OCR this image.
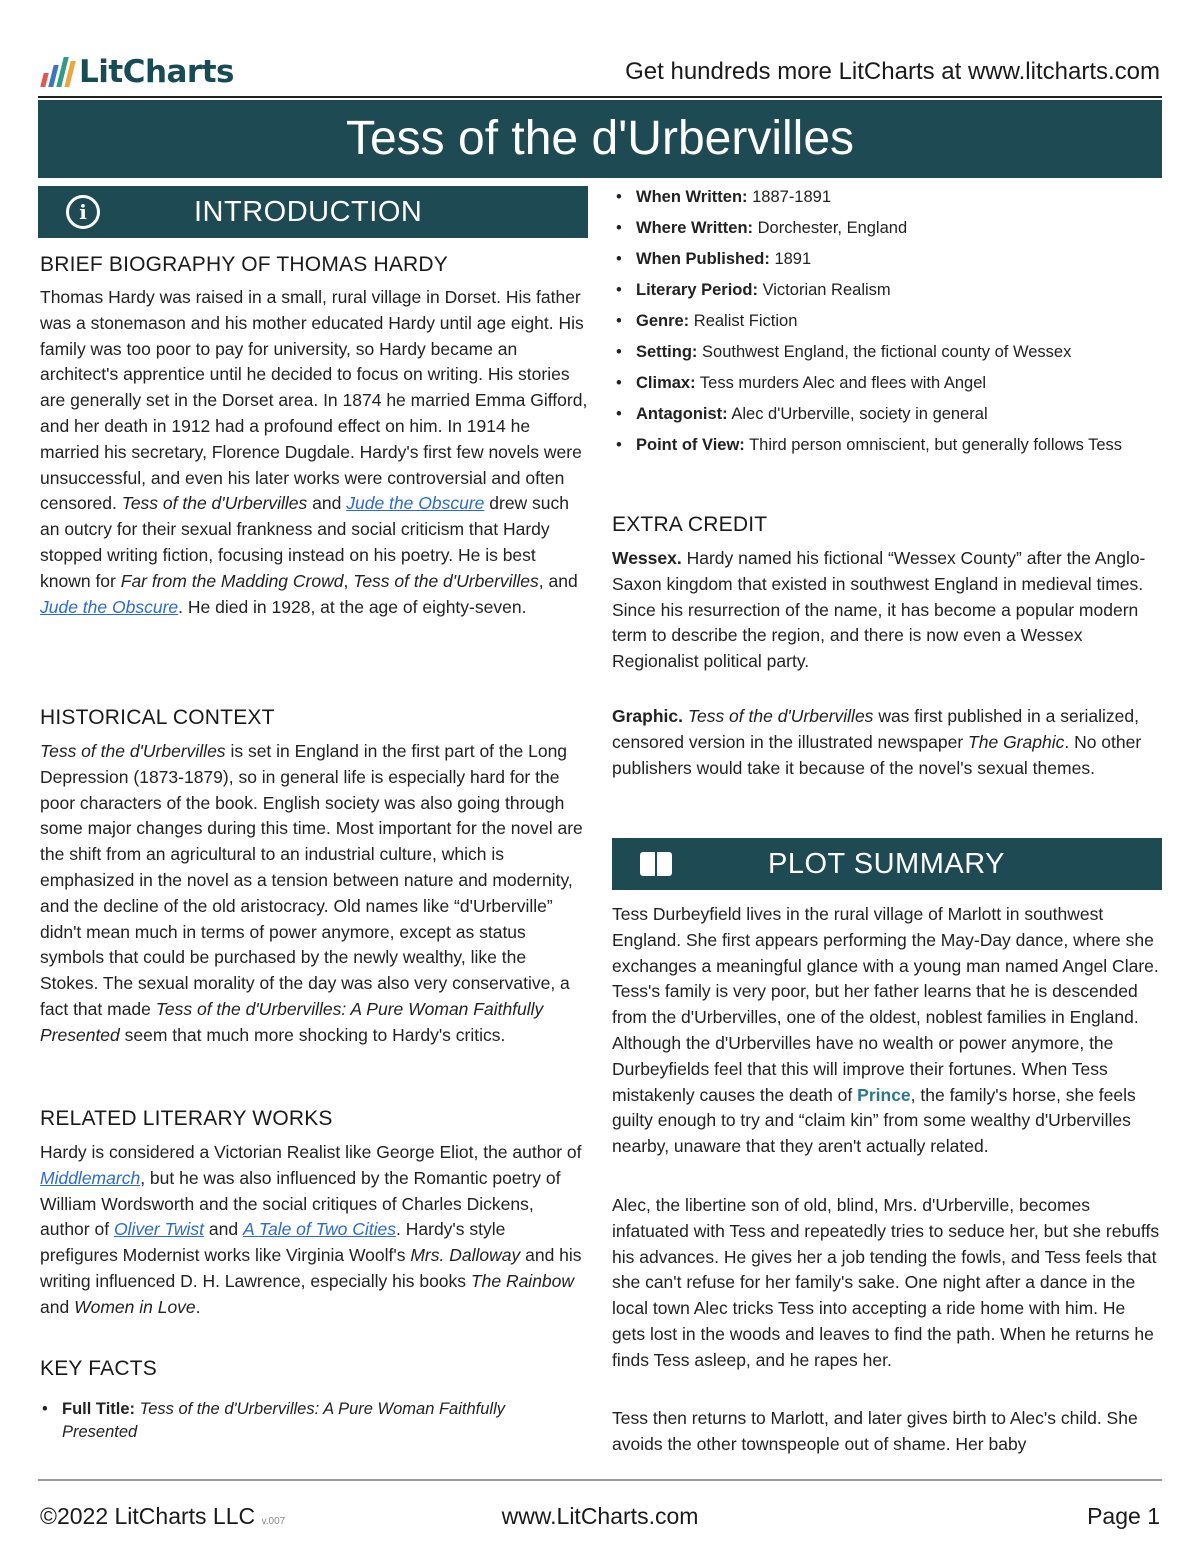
LitCharts	Get hundreds more LitCharts at www.litcharts.com
Tess of the d'Urbervilles
i	INTRODUCTION
BRIEF BIOGRAPHY OF THOMAS HARDY

Thomas Hardy was raised in a small, rural village in Dorset. His father was a stonemason and his mother educated Hardy until age eight. His family was too poor to pay for university, so Hardy became an architect's apprentice until he decided to focus on writing. His stories are generally set in the Dorset area. In 1874 he married Emma Gifford, and her death in 1912 had a profound effect on him. In 1914 he married his secretary, Florence Dugdale. Hardy's first few novels were unsuccessful, and even his later works were controversial and often censored. Tess of the d'Urbervilles and Jude the Obscure drew such an outcry for their sexual frankness and social criticism that Hardy stopped writing fiction, focusing instead on his poetry. He is best known for Far from the Madding Crowd, Tess of the d'Urbervilles, and Jude the Obscure. He died in 1928, at the age of eighty-seven.

HISTORICAL CONTEXT

Tess of the d'Urbervilles is set in England in the first part of the Long Depression (1873-1879), so in general life is especially hard for the poor characters of the book. English society was also going through some major changes during this time. Most important for the novel are the shift from an agricultural to an industrial culture, which is emphasized in the novel as a tension between nature and modernity, and the decline of the old aristocracy. Old names like “d'Urberville” didn't mean much in terms of power anymore, except as status symbols that could be purchased by the newly wealthy, like the Stokes. The sexual morality of the day was also very conservative, a fact that made Tess of the d'Urbervilles: A Pure Woman Faithfully Presented seem that much more shocking to Hardy's critics.

RELATED LITERARY WORKS

Hardy is considered a Victorian Realist like George Eliot, the author of Middlemarch, but he was also influenced by the Romantic poetry of William Wordsworth and the social critiques of Charles Dickens, author of Oliver Twist and A Tale of Two Cities. Hardy's style prefigures Modernist works like Virginia Woolf's Mrs. Dalloway and his writing influenced D. H. Lawrence, especially his books The Rainbow and Women in Love.

KEY FACTS
• Full Title: Tess of the d'Urbervilles: A Pure Woman Faithfully Presented
• When Written: 1887-1891
• Where Written: Dorchester, England
• When Published: 1891
• Literary Period: Victorian Realism
• Genre: Realist Fiction
• Setting: Southwest England, the fictional county of Wessex
• Climax: Tess murders Alec and flees with Angel
• Antagonist: Alec d'Urberville, society in general
• Point of View: Third person omniscient, but generally follows Tess
EXTRA CREDIT

Wessex. Hardy named his fictional “Wessex County” after the Anglo-Saxon kingdom that existed in southwest England in medieval times. Since his resurrection of the name, it has become a popular modern term to describe the region, and there is now even a Wessex Regionalist political party.

Graphic. Tess of the d'Urbervilles was first published in a serialized, censored version in the illustrated newspaper The Graphic. No other publishers would take it because of the novel's sexual themes.

PLOT SUMMARY

Tess Durbeyfield lives in the rural village of Marlott in southwest England. She first appears performing the May-Day dance, where she exchanges a meaningful glance with a young man named Angel Clare. Tess's family is very poor, but her father learns that he is descended from the d'Urbervilles, one of the oldest, noblest families in England. Although the d'Urbervilles have no wealth or power anymore, the Durbeyfields feel that this will improve their fortunes. When Tess mistakenly causes the death of Prince, the family's horse, she feels guilty enough to try and “claim kin” from some wealthy d'Urbervilles nearby, unaware that they aren't actually related.

Alec, the libertine son of old, blind, Mrs. d'Urberville, becomes infatuated with Tess and repeatedly tries to seduce her, but she rebuffs his advances. He gives her a job tending the fowls, and Tess feels that she can't refuse for her family's sake. One night after a dance in the local town Alec tricks Tess into accepting a ride home with him. He gets lost in the woods and leaves to find the path. When he returns he finds Tess asleep, and he rapes her.

Tess then returns to Marlott, and later gives birth to Alec's child. She avoids the other townspeople out of shame. Her baby

©2022 LitCharts LLC v.007	www.LitCharts.com	Page 1
